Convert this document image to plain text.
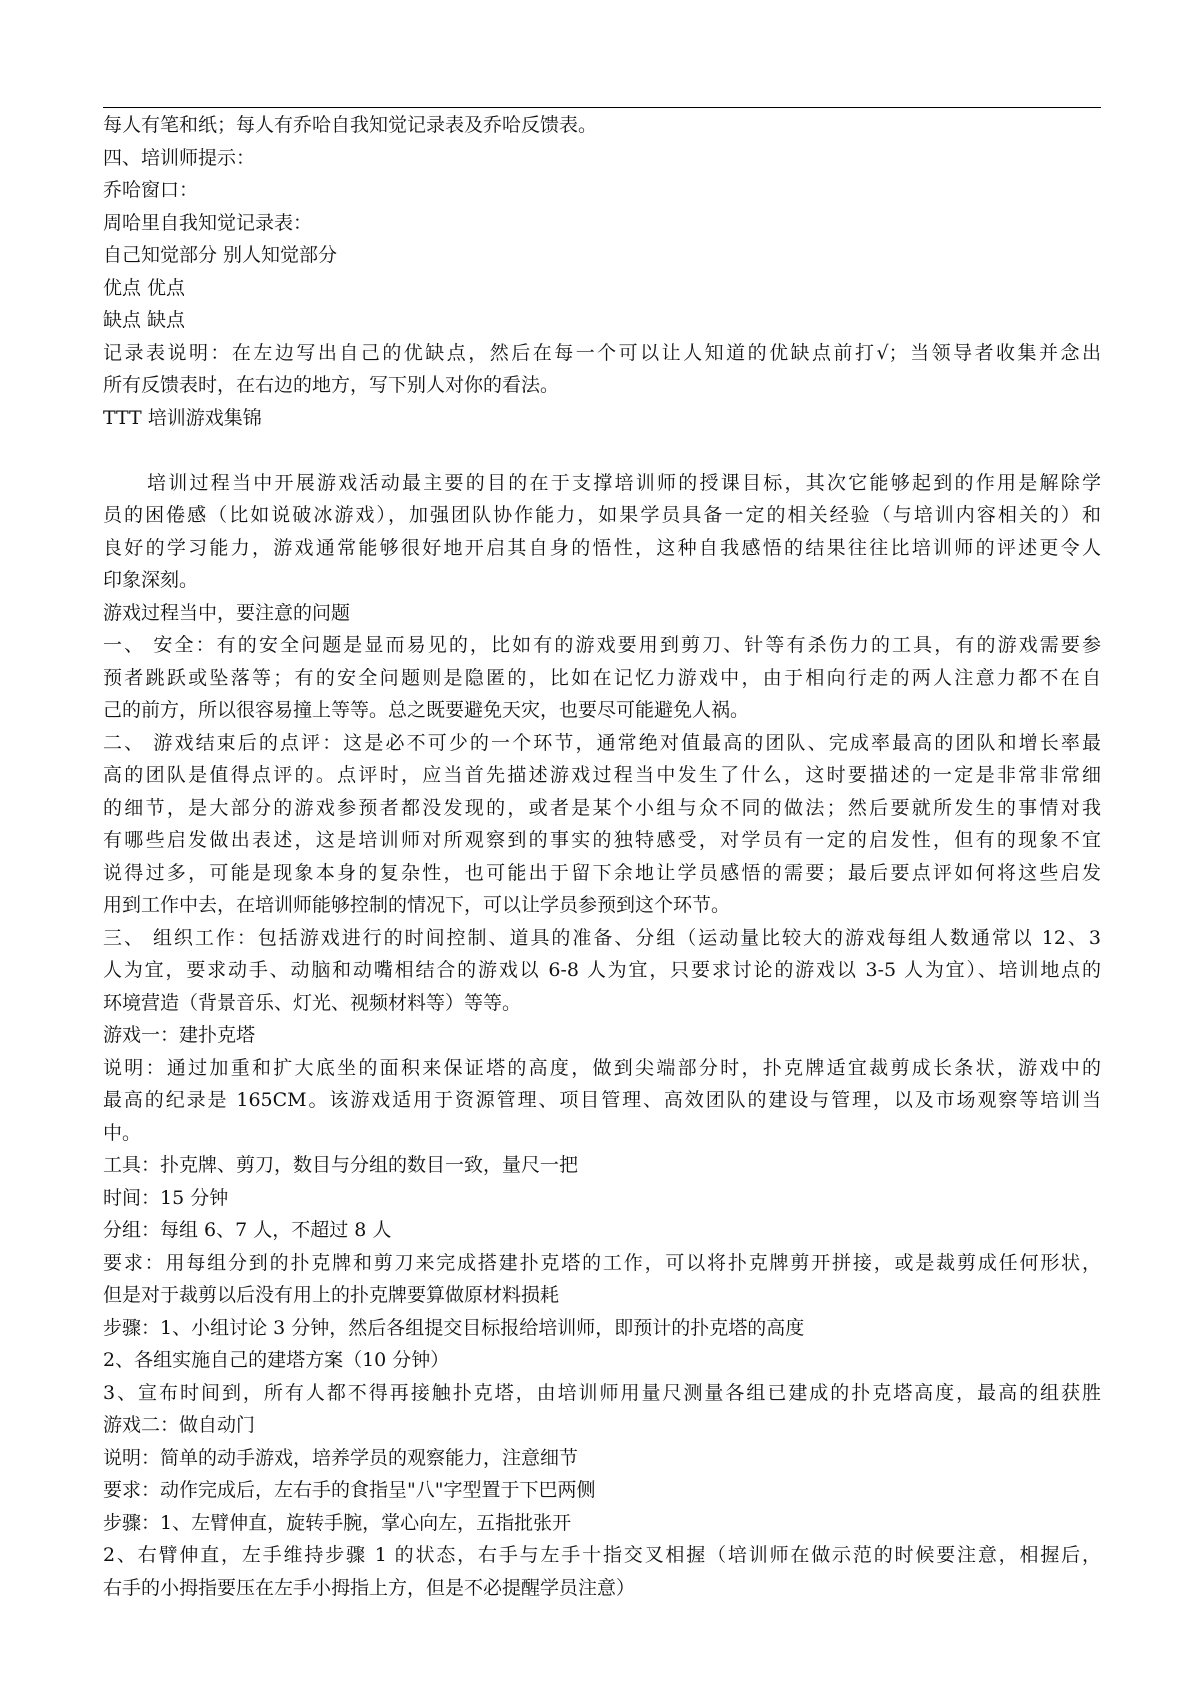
每人有笔和纸；每人有乔哈自我知觉记录表及乔哈反馈表。
四、培训师提示：
乔哈窗口：
周哈里自我知觉记录表：
自己知觉部分 别人知觉部分
优点 优点
缺点 缺点
记录表说明：在左边写出自己的优缺点，然后在每一个可以让人知道的优缺点前打√；当领导者收集并念出
所有反馈表时，在右边的地方，写下别人对你的看法。
TTT 培训游戏集锦
培训过程当中开展游戏活动最主要的目的在于支撑培训师的授课目标，其次它能够起到的作用是解除学
员的困倦感（比如说破冰游戏），加强团队协作能力，如果学员具备一定的相关经验（与培训内容相关的）和
良好的学习能力，游戏通常能够很好地开启其自身的悟性，这种自我感悟的结果往往比培训师的评述更令人
印象深刻。
游戏过程当中，要注意的问题
一、 安全：有的安全问题是显而易见的，比如有的游戏要用到剪刀、针等有杀伤力的工具，有的游戏需要参
预者跳跃或坠落等；有的安全问题则是隐匿的，比如在记忆力游戏中，由于相向行走的两人注意力都不在自
己的前方，所以很容易撞上等等。总之既要避免天灾，也要尽可能避免人祸。
二、 游戏结束后的点评：这是必不可少的一个环节，通常绝对值最高的团队、完成率最高的团队和增长率最
高的团队是值得点评的。点评时，应当首先描述游戏过程当中发生了什么，这时要描述的一定是非常非常细
的细节，是大部分的游戏参预者都没发现的，或者是某个小组与众不同的做法；然后要就所发生的事情对我
有哪些启发做出表述，这是培训师对所观察到的事实的独特感受，对学员有一定的启发性，但有的现象不宜
说得过多，可能是现象本身的复杂性，也可能出于留下余地让学员感悟的需要；最后要点评如何将这些启发
用到工作中去，在培训师能够控制的情况下，可以让学员参预到这个环节。
三、 组织工作：包括游戏进行的时间控制、道具的准备、分组（运动量比较大的游戏每组人数通常以 12、3
人为宜，要求动手、动脑和动嘴相结合的游戏以 6-8 人为宜，只要求讨论的游戏以 3-5 人为宜）、培训地点的
环境营造（背景音乐、灯光、视频材料等）等等。
游戏一：建扑克塔
说明：通过加重和扩大底坐的面积来保证塔的高度，做到尖端部分时，扑克牌适宜裁剪成长条状，游戏中的
最高的纪录是 165CM。该游戏适用于资源管理、项目管理、高效团队的建设与管理，以及市场观察等培训当
中。
工具：扑克牌、剪刀，数目与分组的数目一致，量尺一把
时间：15 分钟
分组：每组 6、7 人，不超过 8 人
要求：用每组分到的扑克牌和剪刀来完成搭建扑克塔的工作，可以将扑克牌剪开拼接，或是裁剪成任何形状，
但是对于裁剪以后没有用上的扑克牌要算做原材料损耗
步骤：1、小组讨论 3 分钟，然后各组提交目标报给培训师，即预计的扑克塔的高度
2、各组实施自己的建塔方案（10 分钟）
3、宣布时间到，所有人都不得再接触扑克塔，由培训师用量尺测量各组已建成的扑克塔高度，最高的组获胜
游戏二：做自动门
说明：简单的动手游戏，培养学员的观察能力，注意细节
要求：动作完成后，左右手的食指呈"八"字型置于下巴两侧
步骤：1、左臂伸直，旋转手腕，掌心向左，五指批张开
2、右臂伸直，左手维持步骤 1 的状态，右手与左手十指交叉相握（培训师在做示范的时候要注意，相握后，
右手的小拇指要压在左手小拇指上方，但是不必提醒学员注意）
